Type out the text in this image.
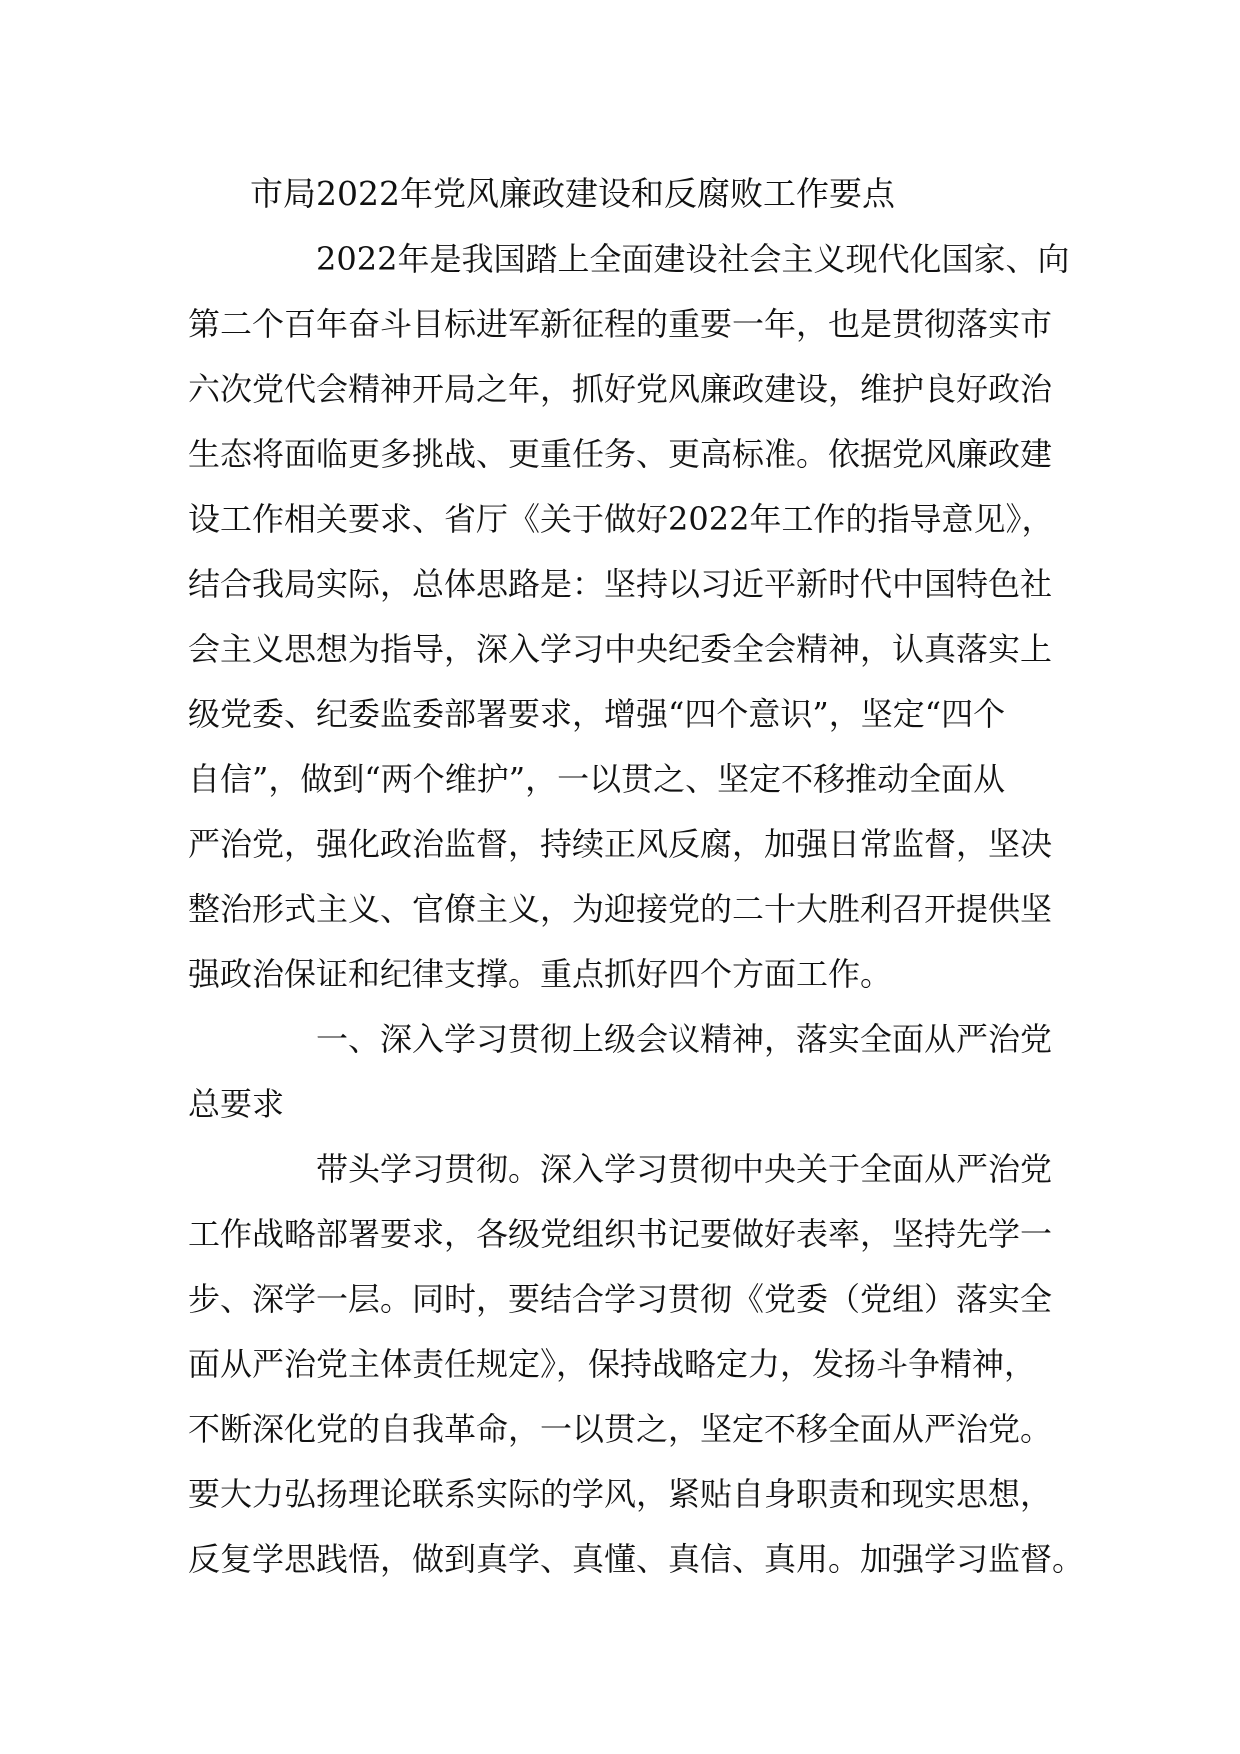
市局2022年党风廉政建设和反腐败工作要点
2022年是我国踏上全面建设社会主义现代化国家、向
第二个百年奋斗目标进军新征程的重要一年，也是贯彻落实市
六次党代会精神开局之年，抓好党风廉政建设，维护良好政治
生态将面临更多挑战、更重任务、更高标准。依据党风廉政建
设工作相关要求、省厅《关于做好2022年工作的指导意见》，
结合我局实际，总体思路是：坚持以习近平新时代中国特色社
会主义思想为指导，深入学习中央纪委全会精神，认真落实上
级党委、纪委监委部署要求，增强“四个意识”，坚定“四个
自信”，做到“两个维护”，一以贯之、坚定不移推动全面从
严治党，强化政治监督，持续正风反腐，加强日常监督，坚决
整治形式主义、官僚主义，为迎接党的二十大胜利召开提供坚
强政治保证和纪律支撑。重点抓好四个方面工作。
一、深入学习贯彻上级会议精神，落实全面从严治党
总要求
带头学习贯彻。深入学习贯彻中央关于全面从严治党
工作战略部署要求，各级党组织书记要做好表率，坚持先学一
步、深学一层。同时，要结合学习贯彻《党委（党组）落实全
面从严治党主体责任规定》，保持战略定力，发扬斗争精神，
不断深化党的自我革命，一以贯之，坚定不移全面从严治党。
要大力弘扬理论联系实际的学风，紧贴自身职责和现实思想，
反复学思践悟，做到真学、真懂、真信、真用。加强学习监督。
